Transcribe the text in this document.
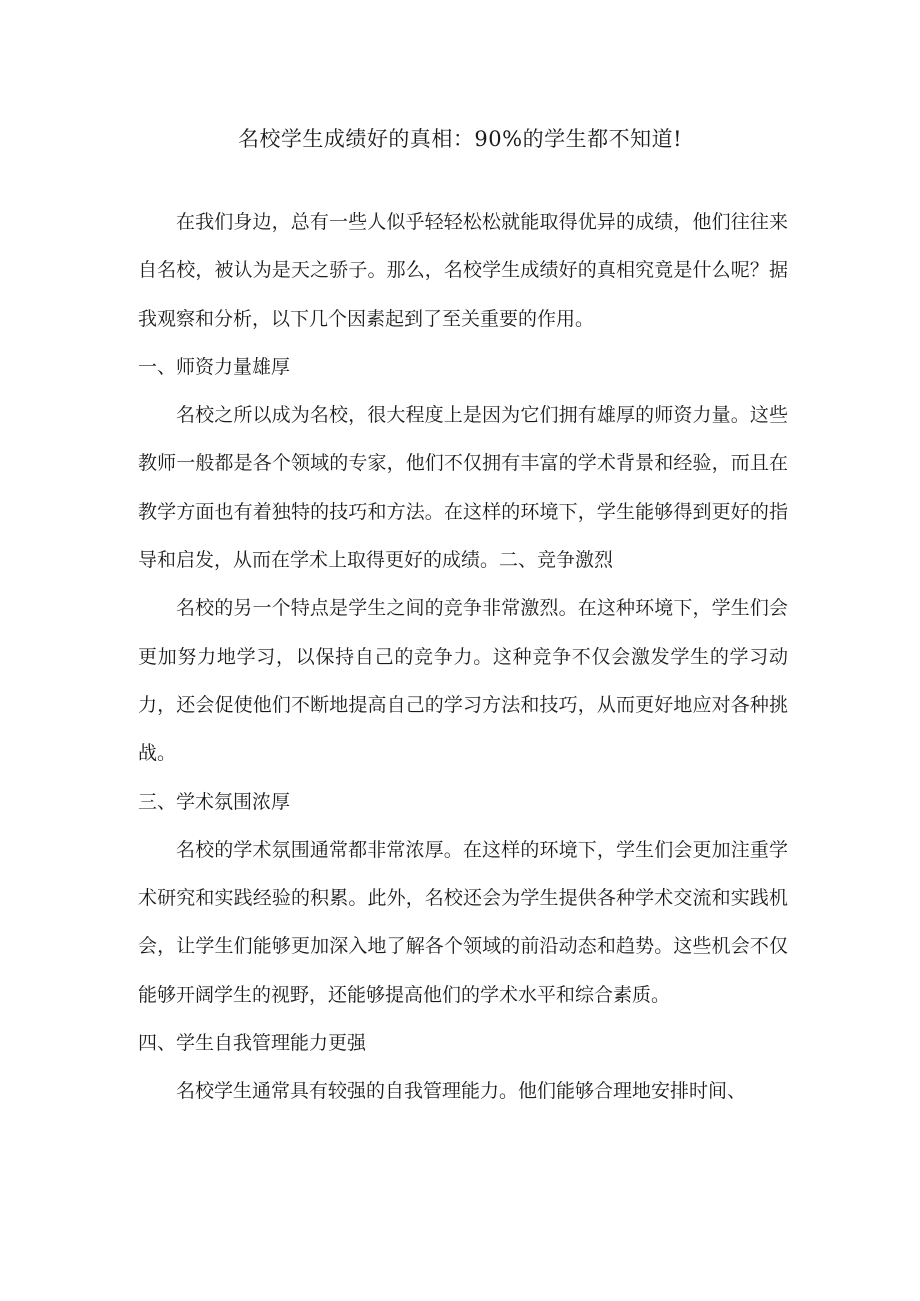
名校学生成绩好的真相：90%的学生都不知道!

在我们身边，总有一些人似乎轻轻松松就能取得优异的成绩，他们往往来自名校，被认为是天之骄子。那么，名校学生成绩好的真相究竟是什么呢？据我观察和分析，以下几个因素起到了至关重要的作用。

一、师资力量雄厚

名校之所以成为名校，很大程度上是因为它们拥有雄厚的师资力量。这些教师一般都是各个领域的专家，他们不仅拥有丰富的学术背景和经验，而且在教学方面也有着独特的技巧和方法。在这样的环境下，学生能够得到更好的指导和启发，从而在学术上取得更好的成绩。二、竞争激烈

名校的另一个特点是学生之间的竞争非常激烈。在这种环境下，学生们会更加努力地学习，以保持自己的竞争力。这种竞争不仅会激发学生的学习动力，还会促使他们不断地提高自己的学习方法和技巧，从而更好地应对各种挑战。

三、学术氛围浓厚

名校的学术氛围通常都非常浓厚。在这样的环境下，学生们会更加注重学术研究和实践经验的积累。此外，名校还会为学生提供各种学术交流和实践机会，让学生们能够更加深入地了解各个领域的前沿动态和趋势。这些机会不仅能够开阔学生的视野，还能够提高他们的学术水平和综合素质。

四、学生自我管理能力更强

名校学生通常具有较强的自我管理能力。他们能够合理地安排时间、
